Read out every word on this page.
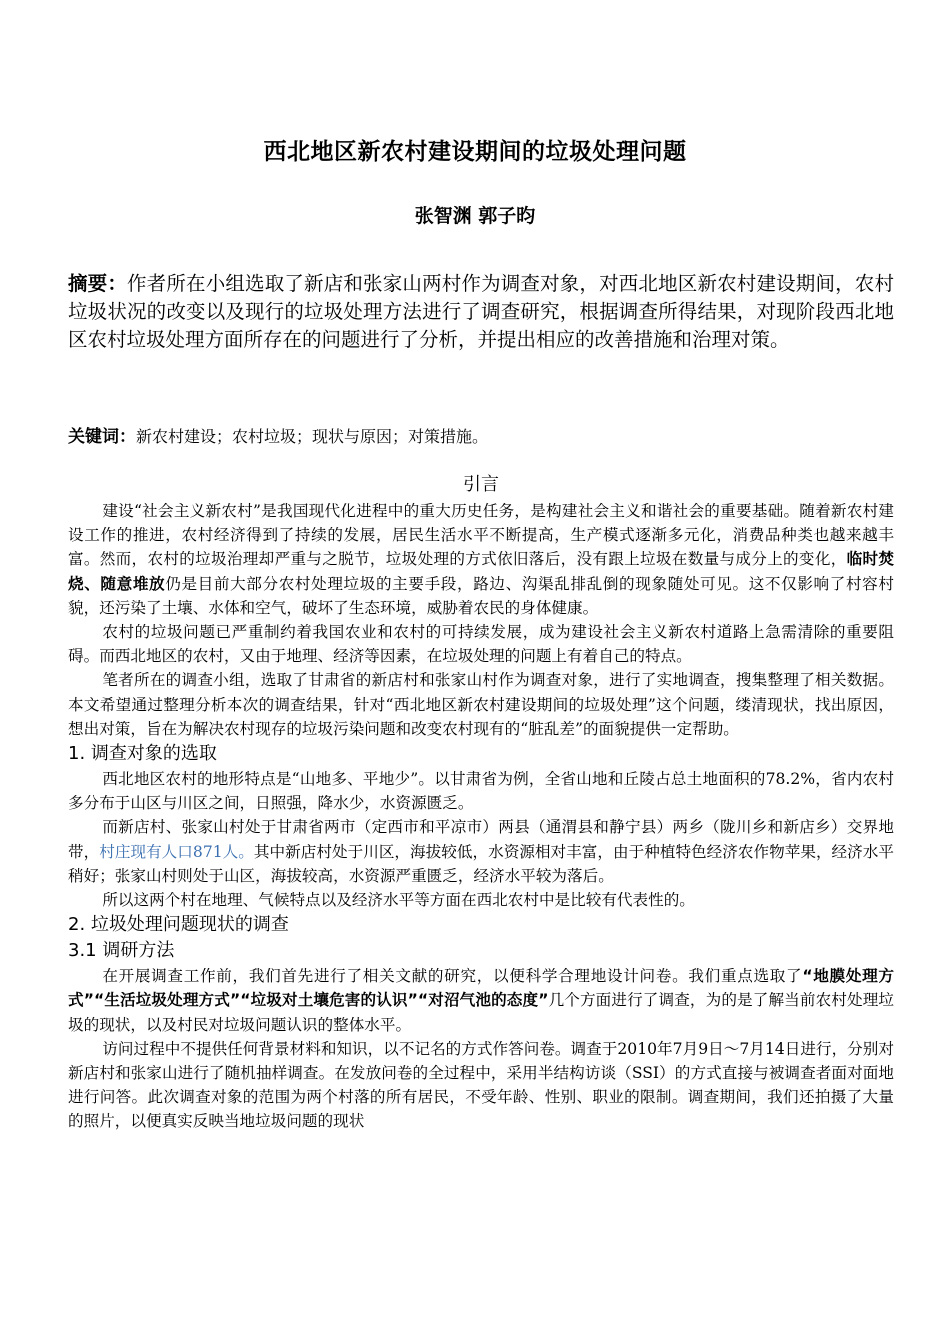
西北地区新农村建设期间的垃圾处理问题
张智渊 郭子昀
摘要：作者所在小组选取了新店和张家山两村作为调查对象，对西北地区新农村建设期间，农村垃圾状况的改变以及现行的垃圾处理方法进行了调查研究，根据调查所得结果，对现阶段西北地区农村垃圾处理方面所存在的问题进行了分析，并提出相应的改善措施和治理对策。
关键词：新农村建设；农村垃圾；现状与原因；对策措施。
引言

建设“社会主义新农村”是我国现代化进程中的重大历史任务，是构建社会主义和谐社会的重要基础。随着新农村建设工作的推进，农村经济得到了持续的发展，居民生活水平不断提高，生产模式逐渐多元化，消费品种类也越来越丰富。然而，农村的垃圾治理却严重与之脱节，垃圾处理的方式依旧落后，没有跟上垃圾在数量与成分上的变化，临时焚烧、随意堆放仍是目前大部分农村处理垃圾的主要手段，路边、沟渠乱排乱倒的现象随处可见。这不仅影响了村容村貌，还污染了土壤、水体和空气，破坏了生态环境，威胁着农民的身体健康。

农村的垃圾问题已严重制约着我国农业和农村的可持续发展，成为建设社会主义新农村道路上急需清除的重要阻碍。而西北地区的农村，又由于地理、经济等因素，在垃圾处理的问题上有着自己的特点。

笔者所在的调查小组，选取了甘肃省的新店村和张家山村作为调查对象，进行了实地调查，搜集整理了相关数据。本文希望通过整理分析本次的调查结果，针对“西北地区新农村建设期间的垃圾处理”这个问题，缕清现状，找出原因，想出对策，旨在为解决农村现存的垃圾污染问题和改变农村现有的“脏乱差”的面貌提供一定帮助。

1. 调查对象的选取

西北地区农村的地形特点是“山地多、平地少”。以甘肃省为例，全省山地和丘陵占总土地面积的78.2%，省内农村多分布于山区与川区之间，日照强，降水少，水资源匮乏。

而新店村、张家山村处于甘肃省两市（定西市和平凉市）两县（通渭县和静宁县）两乡（陇川乡和新店乡）交界地带，村庄现有人口871人。其中新店村处于川区，海拔较低，水资源相对丰富，由于种植特色经济农作物苹果，经济水平稍好；张家山村则处于山区，海拔较高，水资源严重匮乏，经济水平较为落后。

所以这两个村在地理、气候特点以及经济水平等方面在西北农村中是比较有代表性的。

2. 垃圾处理问题现状的调查

3.1 调研方法

在开展调查工作前，我们首先进行了相关文献的研究，以便科学合理地设计问卷。我们重点选取了“地膜处理方式”“生活垃圾处理方式”“垃圾对土壤危害的认识”“对沼气池的态度”几个方面进行了调查，为的是了解当前农村处理垃圾的现状，以及村民对垃圾问题认识的整体水平。

访问过程中不提供任何背景材料和知识，以不记名的方式作答问卷。调查于2010年7月9日～7月14日进行，分别对新店村和张家山进行了随机抽样调查。在发放问卷的全过程中，采用半结构访谈（SSI）的方式直接与被调查者面对面地进行问答。此次调查对象的范围为两个村落的所有居民，不受年龄、性别、职业的限制。调查期间，我们还拍摄了大量的照片，以便真实反映当地垃圾问题的现状
